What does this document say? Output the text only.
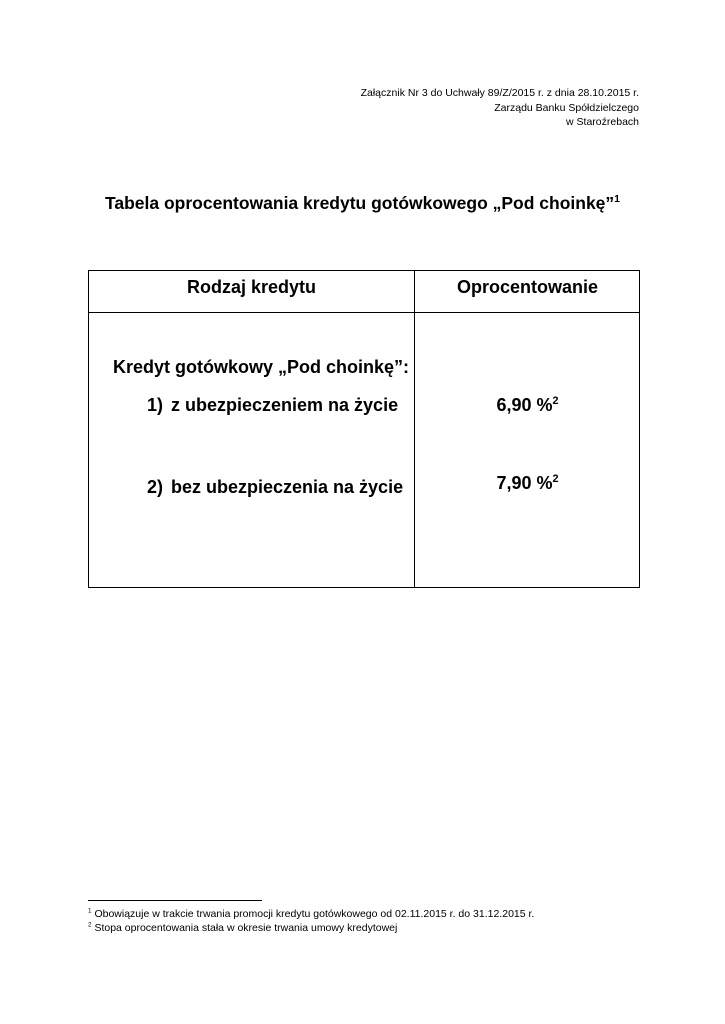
Załącznik Nr 3 do Uchwały 89/Z/2015 r. z dnia 28.10.2015 r.
Zarządu Banku Spółdzielczego
w Staroźrebach
Tabela oprocentowania kredytu gotówkowego „Pod choinkę”$^1$
Rodzaj kredytu	Oprocentowanie
Kredyt gotówkowy „Pod choinkę”:
1) z ubezpieczeniem na życie	6,90 %$^2$
2) bez ubezpieczenia na życie	7,90 %$^2$
$^1$ Obowiązuje w trakcie trwania promocji kredytu gotówkowego od 02.11.2015 r. do 31.12.2015 r.
$^2$ Stopa oprocentowania stała w okresie trwania umowy kredytowej
